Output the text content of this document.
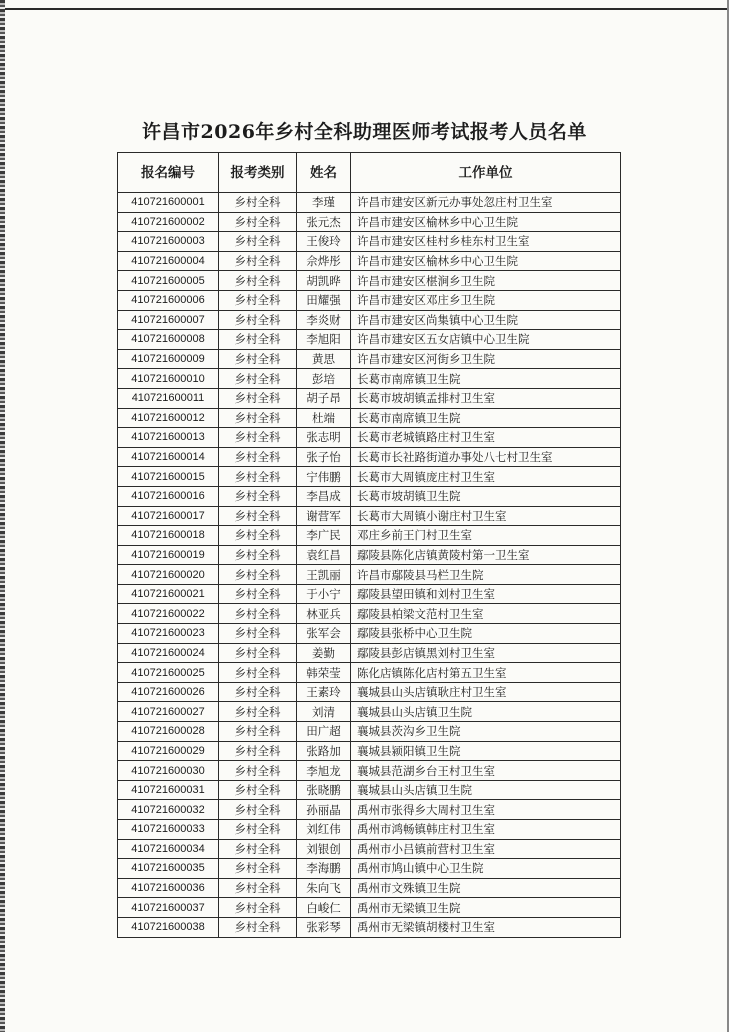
许昌市2026年乡村全科助理医师考试报考人员名单
报名编号	报考类别	姓名	工作单位
410721600001	乡村全科	李瑾	许昌市建安区新元办事处忽庄村卫生室
410721600002	乡村全科	张元杰	许昌市建安区榆林乡中心卫生院
410721600003	乡村全科	王俊玲	许昌市建安区桂村乡桂东村卫生室
410721600004	乡村全科	佘烨彤	许昌市建安区榆林乡中心卫生院
410721600005	乡村全科	胡凯晔	许昌市建安区椹涧乡卫生院
410721600006	乡村全科	田耀强	许昌市建安区邓庄乡卫生院
410721600007	乡村全科	李炎财	许昌市建安区尚集镇中心卫生院
410721600008	乡村全科	李旭阳	许昌市建安区五女店镇中心卫生院
410721600009	乡村全科	黄思	许昌市建安区河街乡卫生院
410721600010	乡村全科	彭培	长葛市南席镇卫生院
410721600011	乡村全科	胡子昂	长葛市坡胡镇孟排村卫生室
410721600012	乡村全科	杜端	长葛市南席镇卫生院
410721600013	乡村全科	张志明	长葛市老城镇路庄村卫生室
410721600014	乡村全科	张子怡	长葛市长社路街道办事处八七村卫生室
410721600015	乡村全科	宁伟鹏	长葛市大周镇庞庄村卫生室
410721600016	乡村全科	李昌成	长葛市坡胡镇卫生院
410721600017	乡村全科	谢营军	长葛市大周镇小谢庄村卫生室
410721600018	乡村全科	李广民	邓庄乡前王门村卫生室
410721600019	乡村全科	袁红昌	鄢陵县陈化店镇黄陵村第一卫生室
410721600020	乡村全科	王凯丽	许昌市鄢陵县马栏卫生院
410721600021	乡村全科	于小宁	鄢陵县望田镇和刘村卫生室
410721600022	乡村全科	林亚兵	鄢陵县柏梁文范村卫生室
410721600023	乡村全科	张军会	鄢陵县张桥中心卫生院
410721600024	乡村全科	姜勤	鄢陵县彭店镇黑刘村卫生室
410721600025	乡村全科	韩荣莹	陈化店镇陈化店村第五卫生室
410721600026	乡村全科	王素玲	襄城县山头店镇耿庄村卫生室
410721600027	乡村全科	刘清	襄城县山头店镇卫生院
410721600028	乡村全科	田广超	襄城县茨沟乡卫生院
410721600029	乡村全科	张路加	襄城县颍阳镇卫生院
410721600030	乡村全科	李旭龙	襄城县范湖乡台王村卫生室
410721600031	乡村全科	张晓鹏	襄城县山头店镇卫生院
410721600032	乡村全科	孙丽晶	禹州市张得乡大周村卫生室
410721600033	乡村全科	刘红伟	禹州市鸿畅镇韩庄村卫生室
410721600034	乡村全科	刘银创	禹州市小吕镇前营村卫生室
410721600035	乡村全科	李海鹏	禹州市鸠山镇中心卫生院
410721600036	乡村全科	朱向飞	禹州市文殊镇卫生院
410721600037	乡村全科	白峻仁	禹州市无梁镇卫生院
410721600038	乡村全科	张彩琴	禹州市无梁镇胡楼村卫生室
